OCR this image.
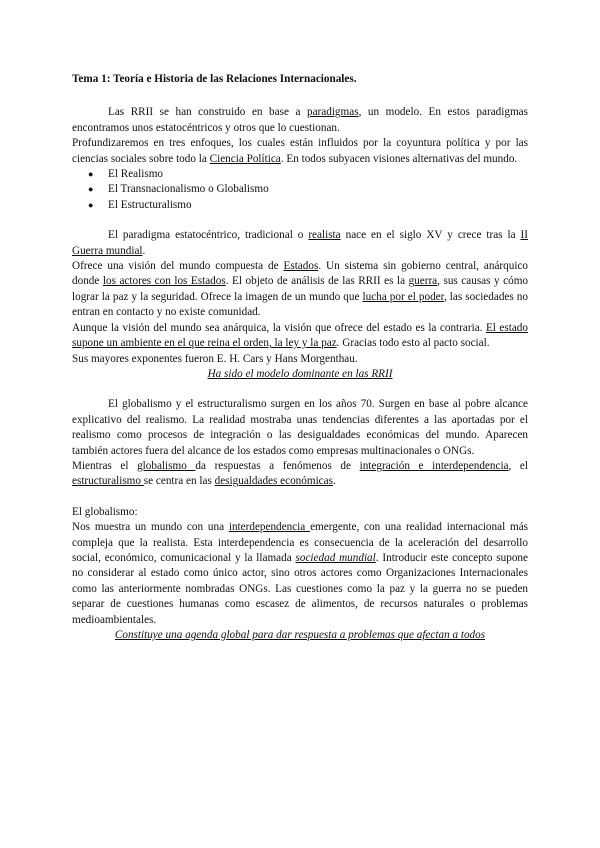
Tema 1: Teoría e Historia de las Relaciones Internacionales.

Las RRII se han construido en base a paradigmas, un modelo. En estos paradigmas encontramos unos estatocéntricos y otros que lo cuestionan.

Profundizaremos en tres enfoques, los cuales están influidos por la coyuntura política y por las ciencias sociales sobre todo la Ciencia Política. En todos subyacen visiones alternativas del mundo.

● El Realismo
● El Transnacionalismo o Globalismo
● El Estructuralismo

El paradigma estatocéntrico, tradicional o realista nace en el siglo XV y crece tras la II Guerra mundial.

Ofrece una visión del mundo compuesta de Estados. Un sistema sin gobierno central, anárquico donde los actores con los Estados. El objeto de análisis de las RRII es la guerra, sus causas y cómo lograr la paz y la seguridad. Ofrece la imagen de un mundo que lucha por el poder, las sociedades no entran en contacto y no existe comunidad.

Aunque la visión del mundo sea anárquica, la visión que ofrece del estado es la contraria. El estado supone un ambiente en el que reina el orden, la ley y la paz. Gracias todo esto al pacto social.

Sus mayores exponentes fueron E. H. Cars y Hans Morgenthau.

Ha sido el modelo dominante en las RRII

El globalismo y el estructuralismo surgen en los años 70. Surgen en base al pobre alcance explicativo del realismo. La realidad mostraba unas tendencias diferentes a las aportadas por el realismo como procesos de integración o las desigualdades económicas del mundo. Aparecen también actores fuera del alcance de los estados como empresas multinacionales o ONGs.

Mientras el globalismo da respuestas a fenómenos de integración e interdependencia, el estructuralismo se centra en las desigualdades económicas.

El globalismo:

Nos muestra un mundo con una interdependencia emergente, con una realidad internacional más compleja que la realista. Esta interdependencia es consecuencia de la aceleración del desarrollo social, económico, comunicacional y la llamada sociedad mundial. Introducir este concepto supone no considerar al estado como único actor, sino otros actores como Organizaciones Internacionales como las anteriormente nombradas ONGs. Las cuestiones como la paz y la guerra no se pueden separar de cuestiones humanas como escasez de alimentos, de recursos naturales o problemas medioambientales.

Constituye una agenda global para dar respuesta a problemas que afectan a todos
